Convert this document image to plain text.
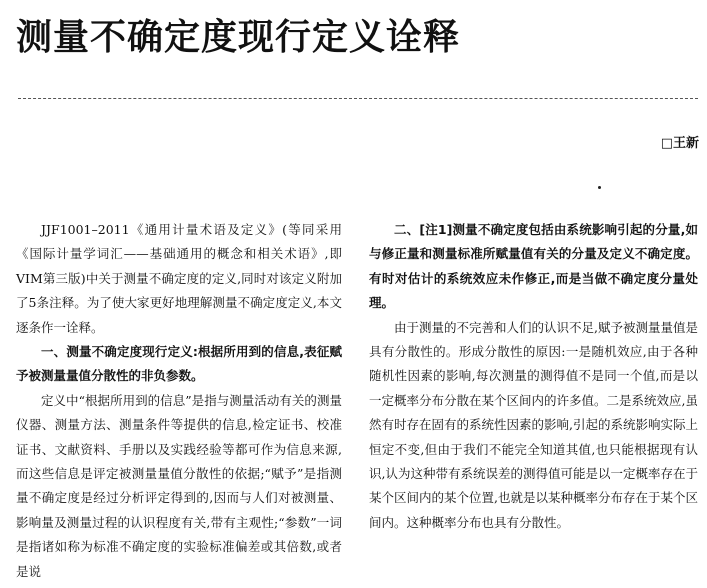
测量不确定度现行定义诠释
□王新

JJF1001–2011《通用计量术语及定义》(等同采用《国际计量学词汇——基础通用的概念和相关术语》,即VIM第三版)中关于测量不确定度的定义,同时对该定义附加了5条注释。为了使大家更好地理解测量不确定度定义,本文逐条作一诠释。

一、测量不确定度现行定义:根据所用到的信息,表征赋予被测量量值分散性的非负参数。

定义中“根据所用到的信息”是指与测量活动有关的测量仪器、测量方法、测量条件等提供的信息,检定证书、校准证书、文献资料、手册以及实践经验等都可作为信息来源,而这些信息是评定被测量量值分散性的依据;“赋予”是指测量不确定度是经过分析评定得到的,因而与人们对被测量、影响量及测量过程的认识程度有关,带有主观性;“参数”一词是指诸如称为标准不确定度的实验标准偏差或其倍数,或者是说

二、[注1]测量不确定度包括由系统影响引起的分量,如与修正量和测量标准所赋量值有关的分量及定义不确定度。有时对估计的系统效应未作修正,而是当做不确定度分量处理。

由于测量的不完善和人们的认识不足,赋予被测量量值是具有分散性的。形成分散性的原因:一是随机效应,由于各种随机性因素的影响,每次测量的测得值不是同一个值,而是以一定概率分布分散在某个区间内的许多值。二是系统效应,虽然有时存在固有的系统性因素的影响,引起的系统影响实际上恒定不变,但由于我们不能完全知道其值,也只能根据现有认识,认为这种带有系统误差的测得值可能是以一定概率存在于某个区间内的某个位置,也就是以某种概率分布存在于某个区间内。这种概率分布也具有分散性。
